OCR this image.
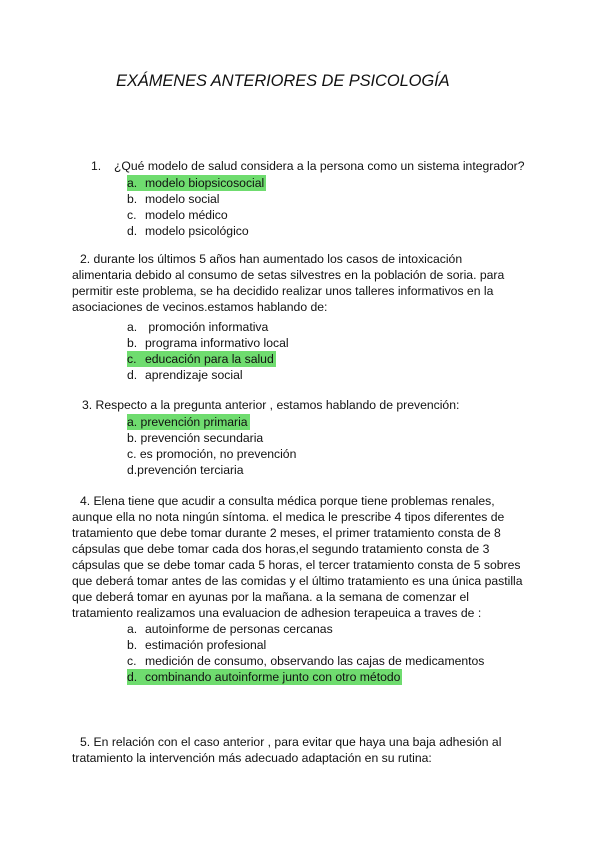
EXÁMENES ANTERIORES DE PSICOLOGÍA
1. ¿Qué modelo de salud considera a la persona como un sistema integrador?
a. modelo biopsicosocial
b. modelo social
c. modelo médico
d. modelo psicológico
2. durante los últimos 5 años han aumentado los casos de intoxicación
alimentaria debido al consumo de setas silvestres en la población de soria. para
permitir este problema, se ha decidido realizar unos talleres informativos en la
asociaciones de vecinos.estamos hablando de:
a. promoción informativa
b. programa informativo local
c. educación para la salud
d. aprendizaje social
3. Respecto a la pregunta anterior , estamos hablando de prevención:
a. prevención primaria
b. prevención secundaria
c. es promoción, no prevención
d.prevención terciaria
4. Elena tiene que acudir a consulta médica porque tiene problemas renales,
aunque ella no nota ningún síntoma. el medica le prescribe 4 tipos diferentes de
tratamiento que debe tomar durante 2 meses, el primer tratamiento consta de 8
cápsulas que debe tomar cada dos horas,el segundo tratamiento consta de 3
cápsulas que se debe tomar cada 5 horas, el tercer tratamiento consta de 5 sobres
que deberá tomar antes de las comidas y el último tratamiento es una única pastilla
que deberá tomar en ayunas por la mañana. a la semana de comenzar el
tratamiento realizamos una evaluacion de adhesion terapeuica a traves de :
a. autoinforme de personas cercanas
b. estimación profesional
c. medición de consumo, observando las cajas de medicamentos
d. combinando autoinforme junto con otro método
5. En relación con el caso anterior , para evitar que haya una baja adhesión al
tratamiento la intervención más adecuado adaptación en su rutina:
